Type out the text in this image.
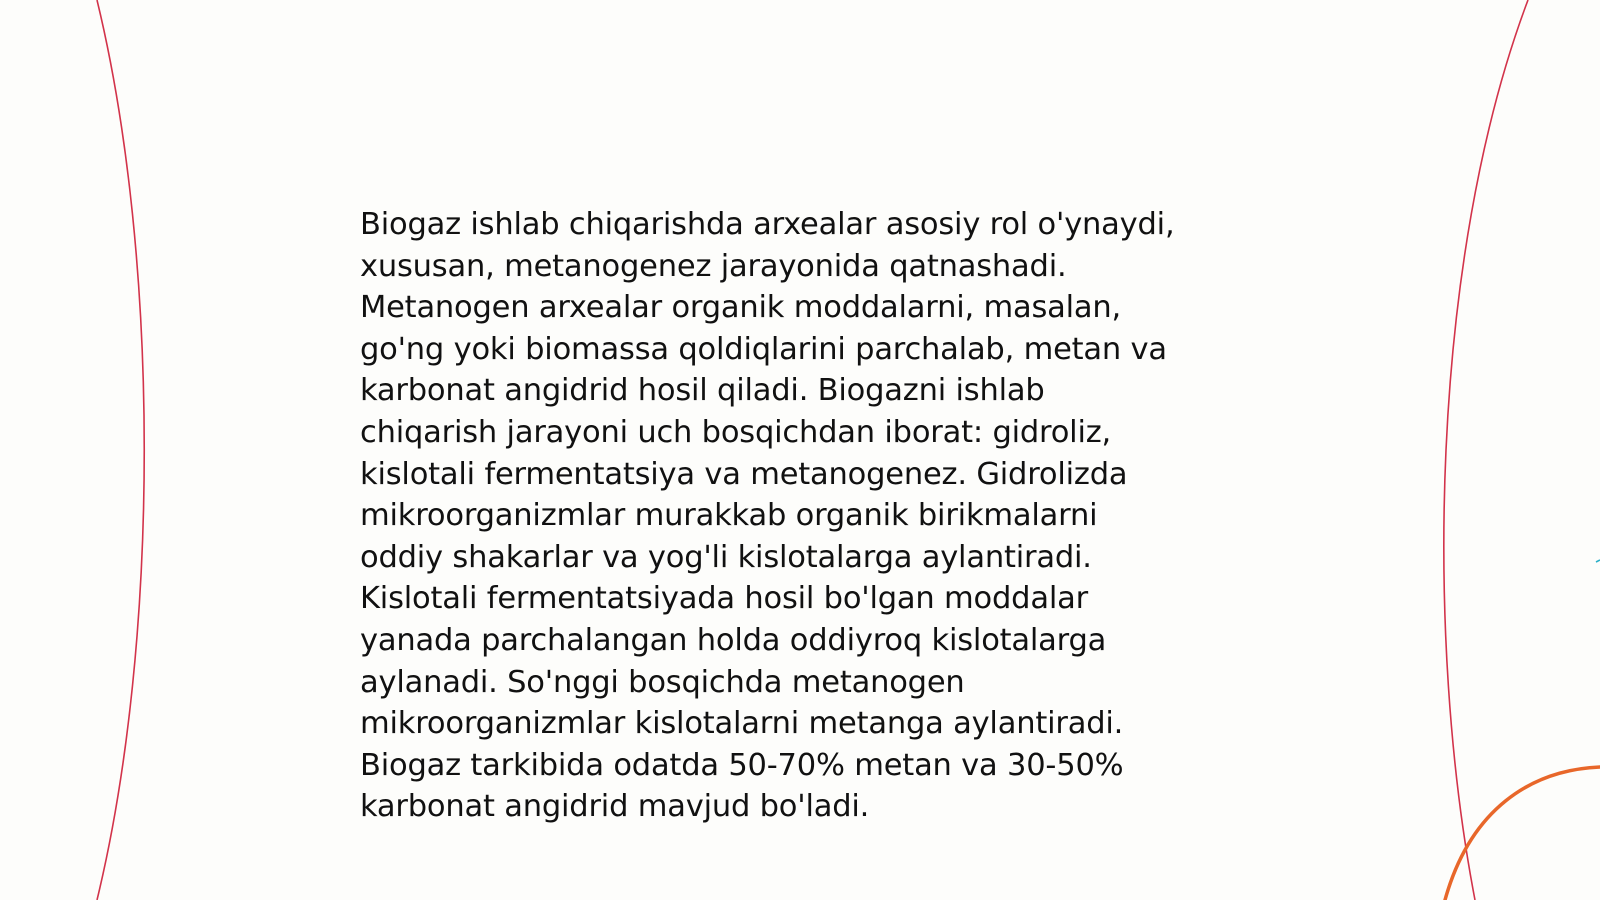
Biogaz ishlab chiqarishda arxealar asosiy rol o'ynaydi,
xususan, metanogenez jarayonida qatnashadi.
Metanogen arxealar organik moddalarni, masalan,
go'ng yoki biomassa qoldiqlarini parchalab, metan va
karbonat angidrid hosil qiladi. Biogazni ishlab
chiqarish jarayoni uch bosqichdan iborat: gidroliz,
kislotali fermentatsiya va metanogenez. Gidrolizda
mikroorganizmlar murakkab organik birikmalarni
oddiy shakarlar va yog'li kislotalarga aylantiradi.
Kislotali fermentatsiyada hosil bo'lgan moddalar
yanada parchalangan holda oddiyroq kislotalarga
aylanadi. So'nggi bosqichda metanogen
mikroorganizmlar kislotalarni metanga aylantiradi.
Biogaz tarkibida odatda 50-70% metan va 30-50%
karbonat angidrid mavjud bo'ladi.
